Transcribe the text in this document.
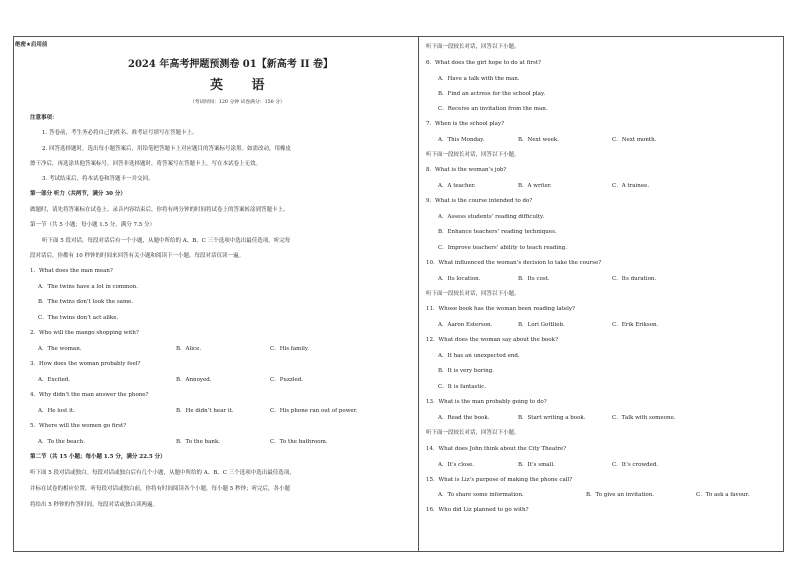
绝密★启用前
2024 年高考押题预测卷 01【新高考 II 卷】
英 语
（考试时间：120 分钟 试卷满分：150 分）
注意事项：
1. 答卷前，考生务必将自己的姓名、准考证号填写在答题卡上。
2. 回答选择题时，选出每小题答案后，用铅笔把答题卡上对应题目的答案标号涂黑。如需改动，用橡皮
擦干净后，再选涂其他答案标号。回答非选择题时，将答案写在答题卡上，写在本试卷上无效。
3. 考试结束后，将本试卷和答题卡一并交回。
第一部分 听力（共两节，满分 30 分）
做题时，请先将答案标在试卷上。录音内容结束后，你将有两分钟的时间将试卷上的答案转涂到答题卡上。
第一节（共 5 小题；每小题 1.5 分，满分 7.5 分）
听下面 5 段对话。每段对话后有一个小题，从题中所给的 A、B、C 三个选项中选出最佳选项。听完每
段对话后，你都有 10 秒钟的时间来回答有关小题和阅读下一小题。每段对话仅读一遍。
1．What does the man mean?
A．The twins have a lot in common.
B．The twins don’t look the same.
C．The twins don’t act alike.
2．Who will the mango shopping with?
A．The woman.	B．Alice.	C．His family.
3．How does the woman probably feel?
A．Excited.	B．Annoyed.	C．Puzzled.
4．Why didn’t the man answer the phone?
A．He lost it.	B．He didn’t hear it.	C．His phone ran out of power.
5．Where will the women go first?
A．To the beach.	B．To the bank.	C．To the bathroom.
第二节（共 15 小题；每小题 1.5 分，满分 22.5 分）
听下面 5 段对话或独白。每段对话或独白后有几个小题，从题中所给的 A、B、C 三个选项中选出最佳选项，
并标在试卷的相应位置。听每段对话或独白前，你将有时间阅读各个小题，每小题 5 秒钟；听完后，各小题
将给出 5 秒钟的作答时间。每段对话或独白读两遍。
听下面一段较长对话，回答以下小题。
6．What does the girl hope to do at first?
A．Have a talk with the man.
B．Find an actress for the school play.
C．Receive an invitation from the man.
7．When is the school play?
A．This Monday.	B．Next week.	C．Next month.
听下面一段较长对话，回答以下小题。
8．What is the woman’s job?
A．A teacher.	B．A writer.	C．A trainee.
9．What is the course intended to do?
A．Assess students’ reading difficulty.
B．Enhance teachers’ reading techniques.
C．Improve teachers’ ability to teach reading.
10．What influenced the woman’s decision to take the course?
A．Its location.	B．Its cost.	C．Its duration.
听下面一段较长对话，回答以下小题。
11．Whose book has the woman been reading lately?
A．Aaron Esterson.	B．Lori Gottlieb.	C．Erik Erikson.
12．What does the woman say about the book?
A．It has an unexpected end.
B．It is very boring.
C．It is fantastic.
13．What is the man probably going to do?
A．Read the book.	B．Start writing a book.	C．Talk with someone.
听下面一段较长对话，回答以下小题。
14．What does John think about the City Theatre?
A．It’s close.	B．It’s small.	C．It’s crowded.
15．What is Liz’s purpose of making the phone call?
A．To share some information.	B．To give an invitation.	C．To ask a favour.
16．Who did Liz planned to go with?
